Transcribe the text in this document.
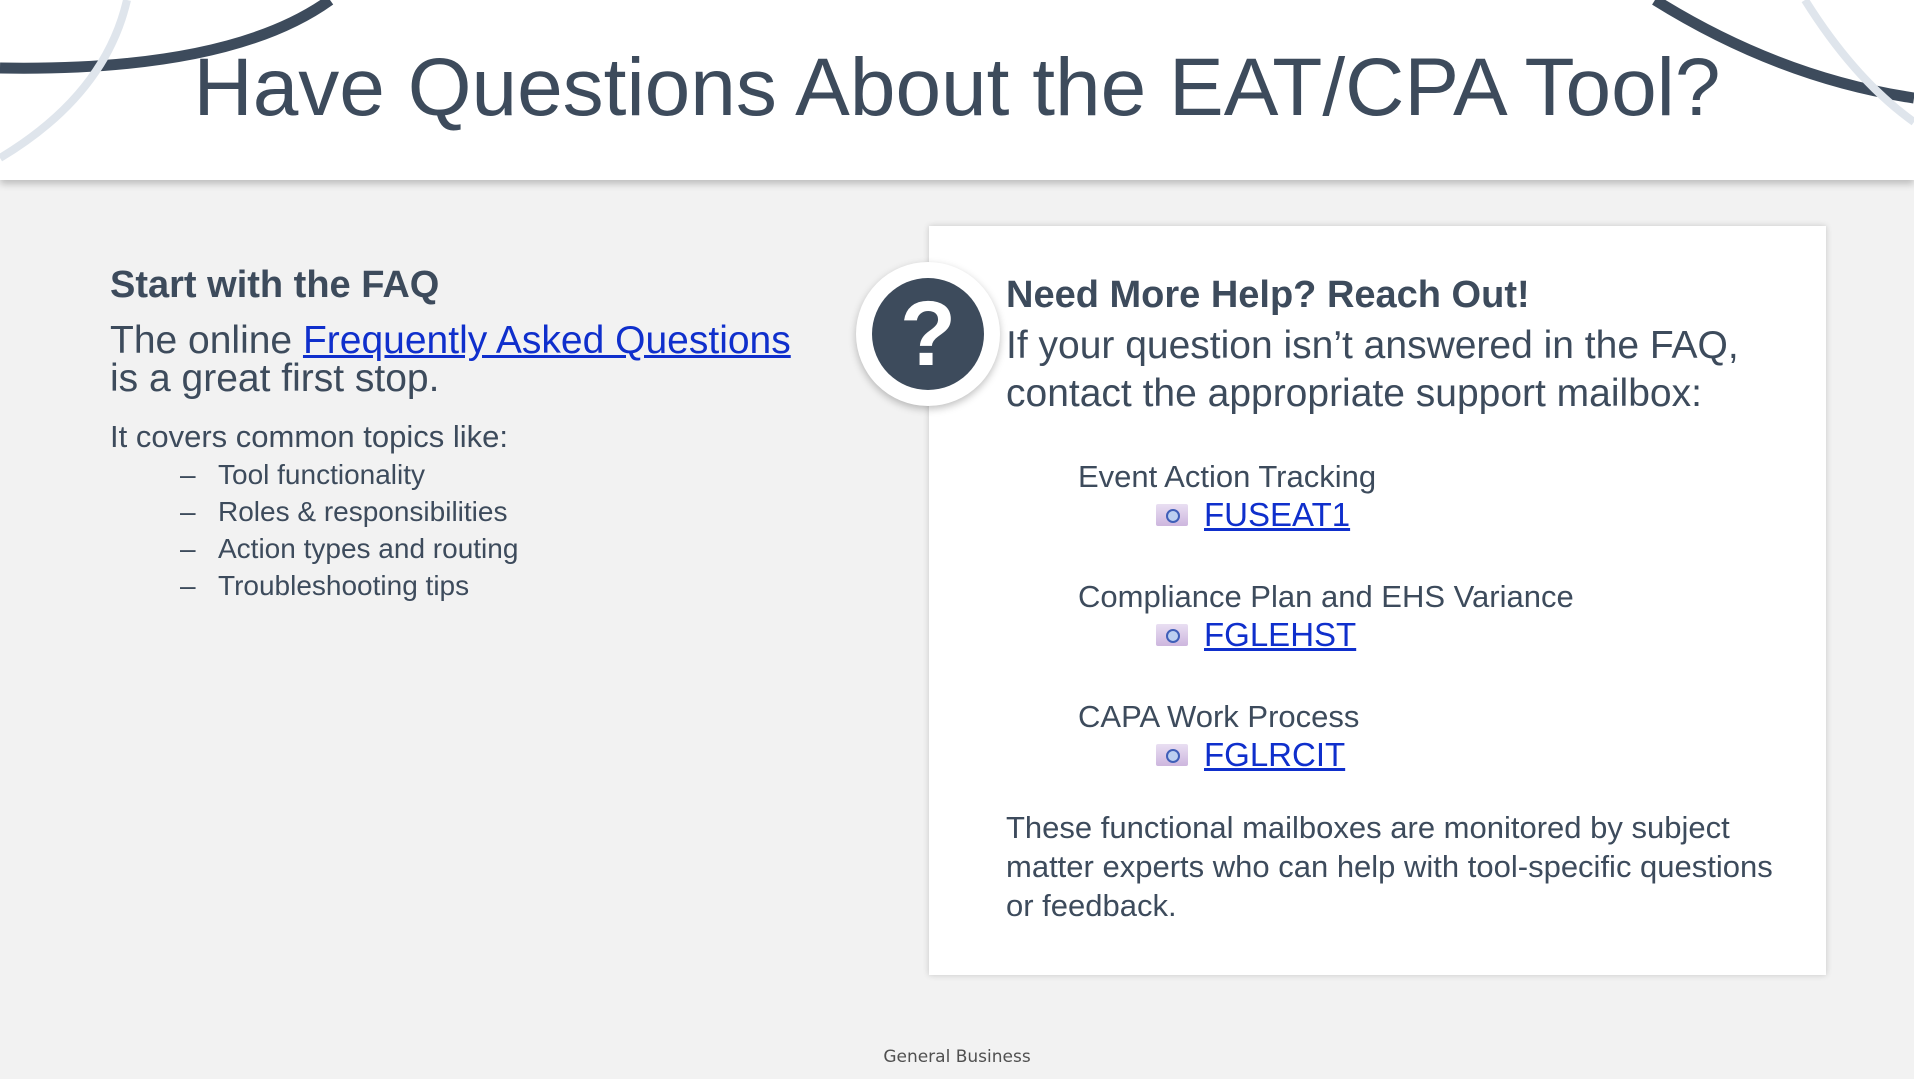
Have Questions About the EAT/CPA Tool?

Start with the FAQ

The online Frequently Asked Questions
is a great first stop.

It covers common topics like:

– Tool functionality
– Roles & responsibilities
– Action types and routing
– Troubleshooting tips
?	Need More Help? Reach Out!

If your question isn’t answered in the FAQ, contact the appropriate support mailbox:

Event Action Tracking
FUSEAT1
Compliance Plan and EHS Variance
FGLEHST
CAPA Work Process
FGLRCIT

These functional mailboxes are monitored by subject matter experts who can help with tool-specific questions or feedback.

General Business
